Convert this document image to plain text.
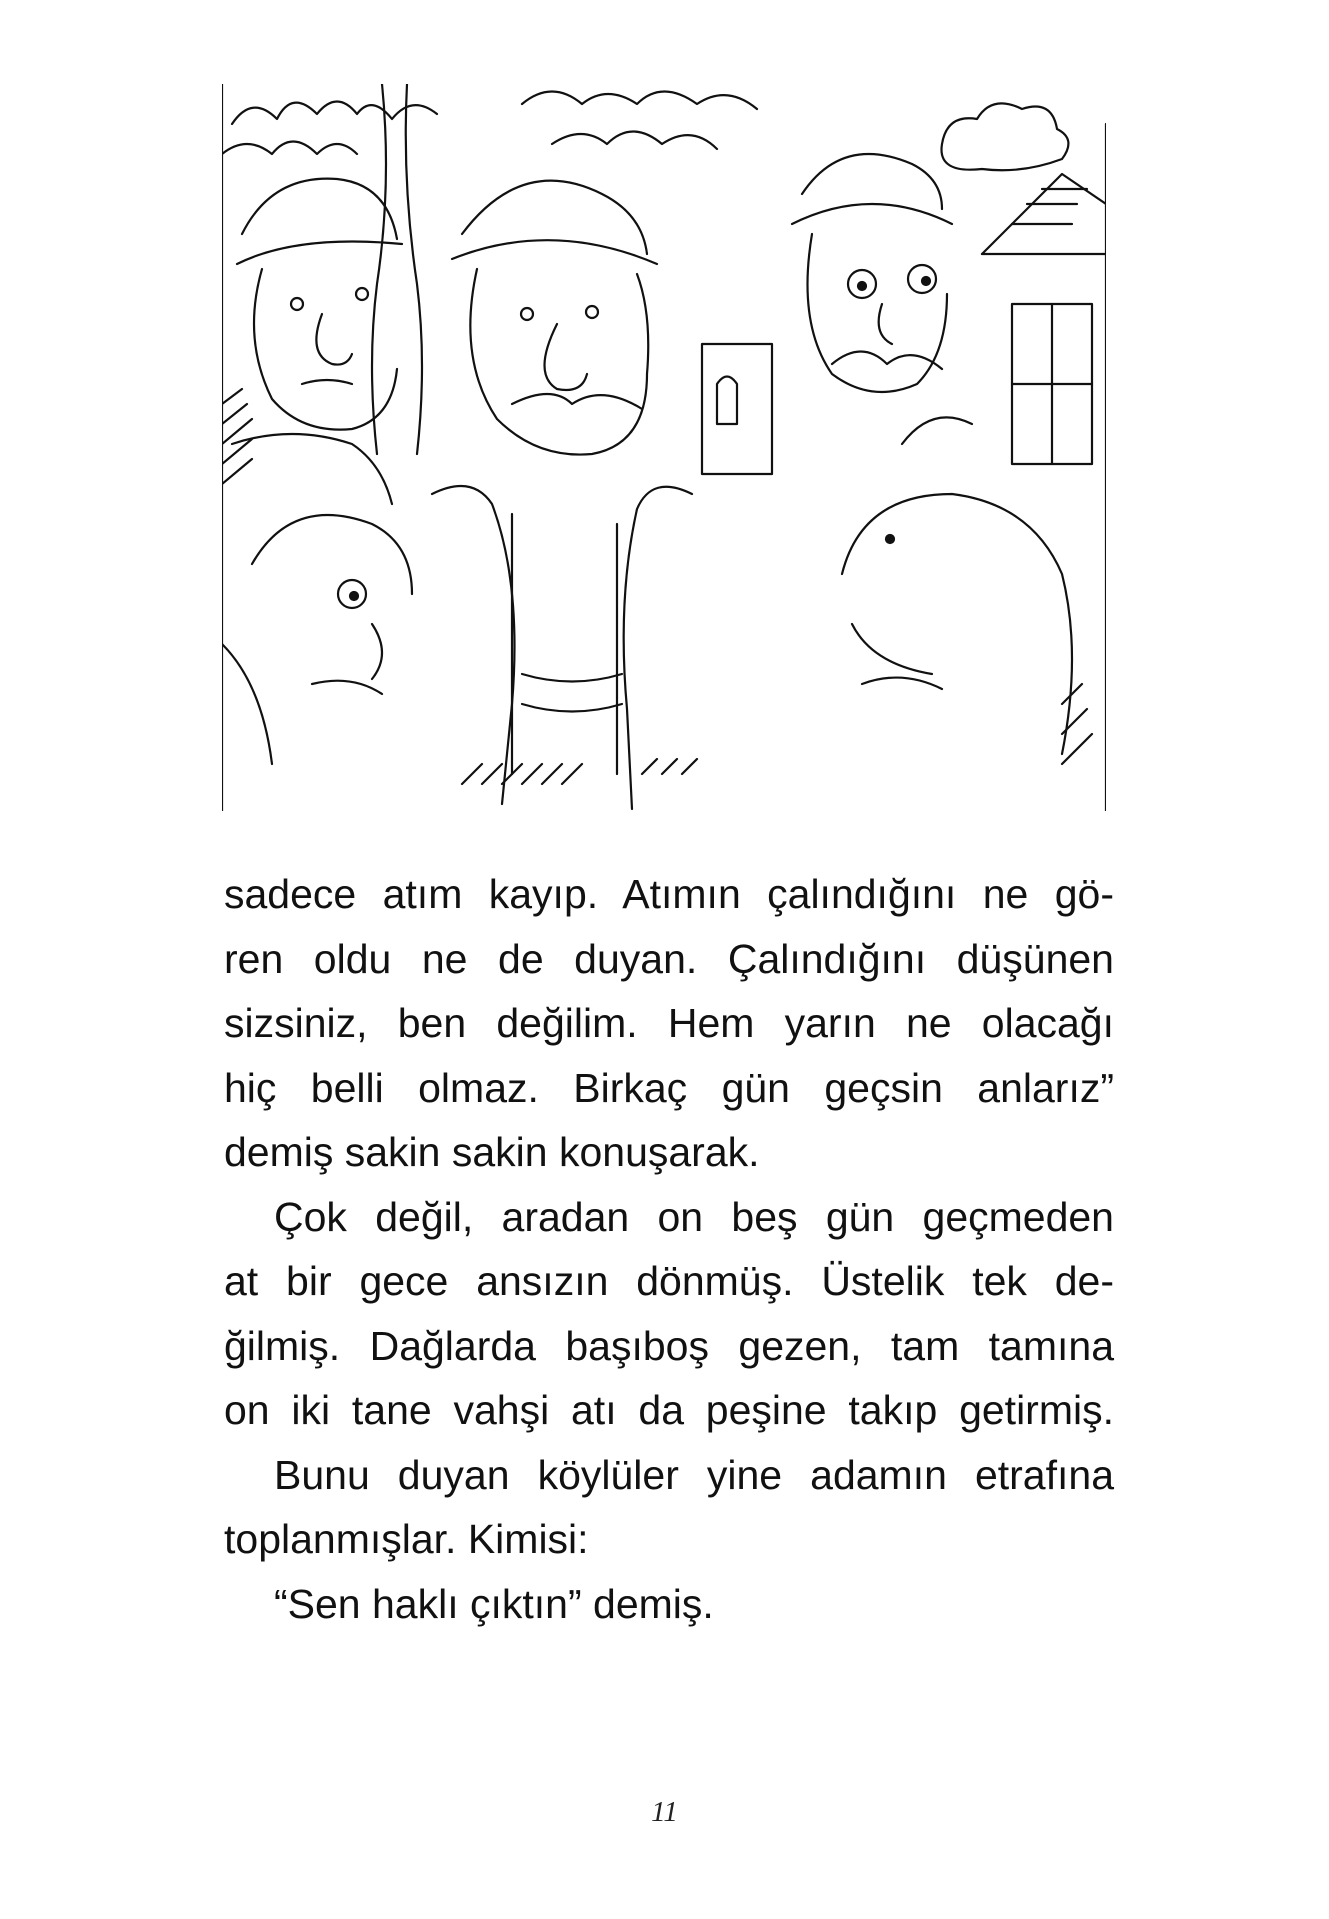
sadece atım kayıp. Atımın çalındığını ne gö-
ren oldu ne de duyan. Çalındığını düşünen
sizsiniz, ben değilim. Hem yarın ne olacağı
hiç belli olmaz. Birkaç gün geçsin anlarız”
demiş sakin sakin konuşarak.
Çok değil, aradan on beş gün geçmeden
at bir gece ansızın dönmüş. Üstelik tek de-
ğilmiş. Dağlarda başıboş gezen, tam tamına
on iki tane vahşi atı da peşine takıp getirmiş.
Bunu duyan köylüler yine adamın etrafına
toplanmışlar. Kimisi:
“Sen haklı çıktın” demiş.
11
